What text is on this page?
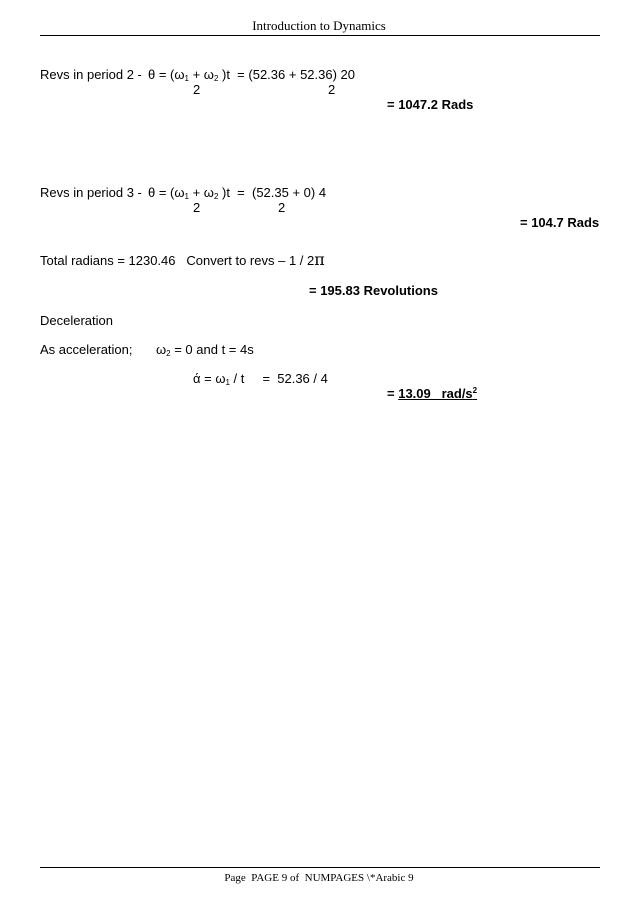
Introduction to Dynamics
Revs in period 2 - θ = (ω1 + ω2 )t  = (52.36 + 52.36) 20
2	2
= 1047.2 Rads
Revs in period 3 - θ = (ω1 + ω2 )t  =  (52.35 + 0) 4
2	2
= 104.7 Rads
Total radians = 1230.46   Convert to revs – 1 / 2π
= 195.83 Revolutions
Deceleration
As acceleration; ω2 = 0 and t = 4s
ά = ω1 / t     =  52.36 / 4
= 13.09   rad/$s^2$
Page  PAGE 9 of  NUMPAGES \*Arabic 9
